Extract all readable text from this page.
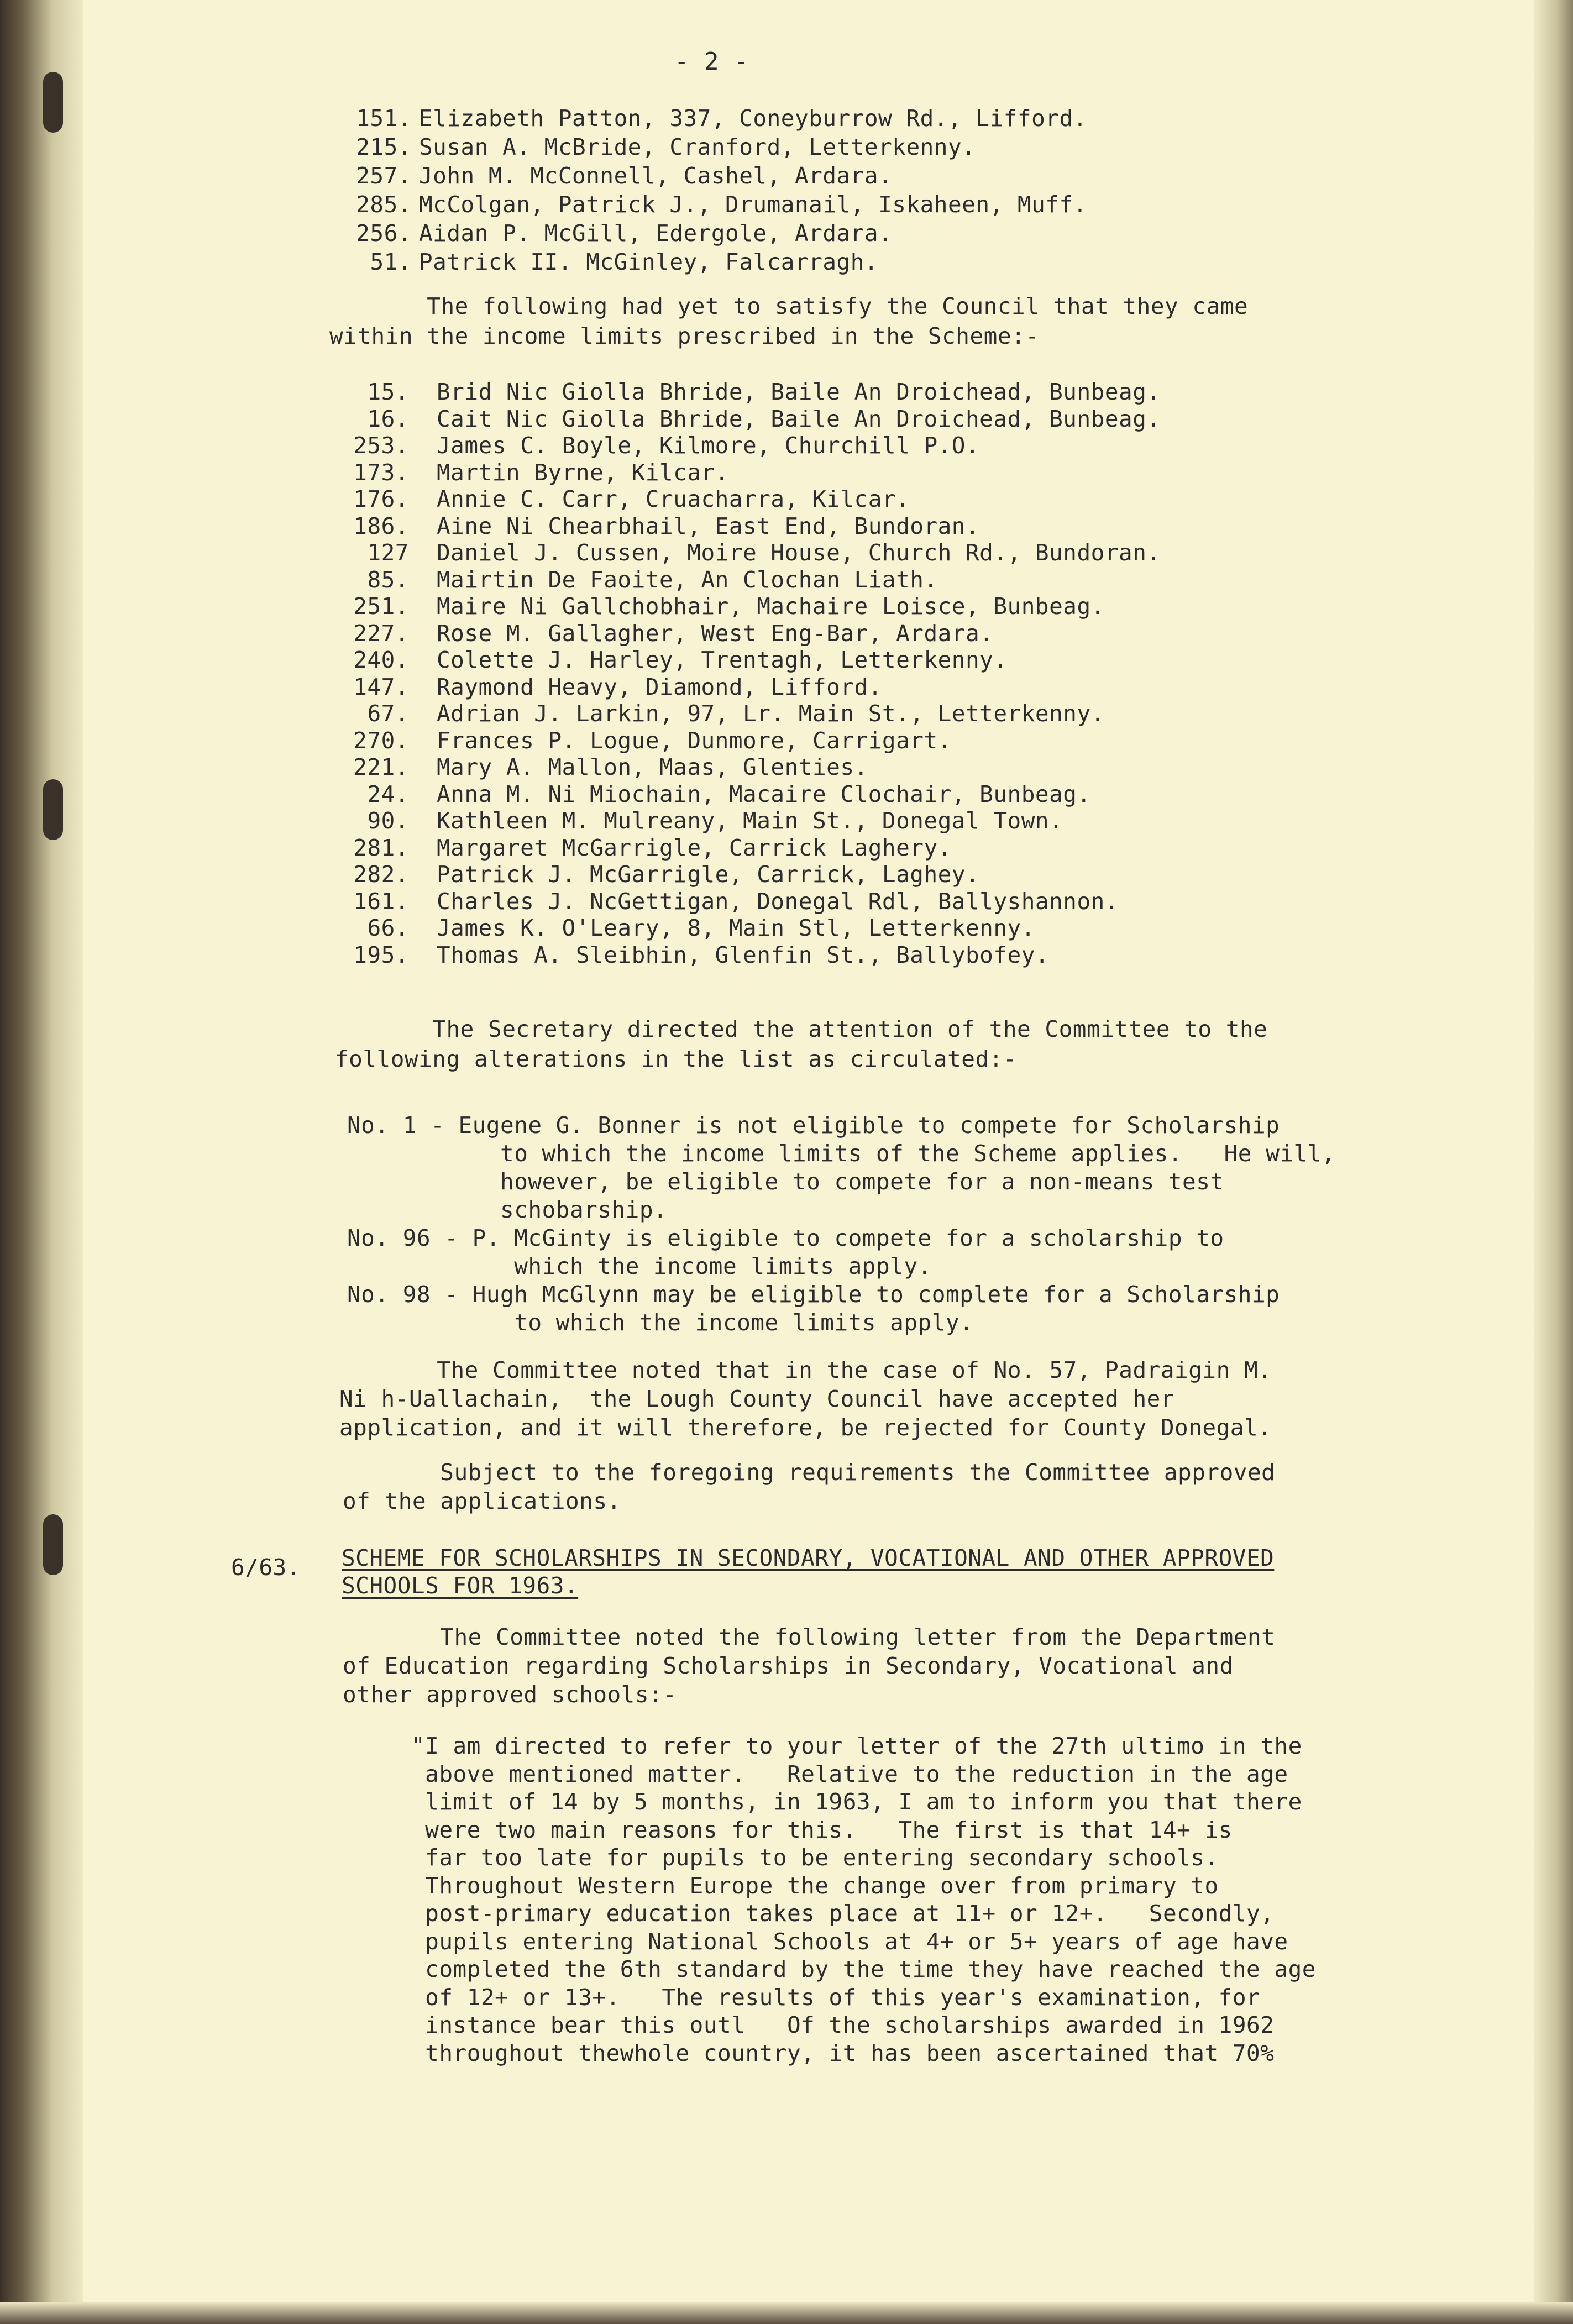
- 2 -
151. Elizabeth Patton, 337, Coneyburrow Rd., Lifford.
215. Susan A. McBride, Cranford, Letterkenny.
257. John M. McConnell, Cashel, Ardara.
285. McColgan, Patrick J., Drumanail, Iskaheen, Muff.
256. Aidan P. McGill, Edergole, Ardara.
51. Patrick II. McGinley, Falcarragh.
The following had yet to satisfy the Council that they came
within the income limits prescribed in the Scheme:-
15. Brid Nic Giolla Bhride, Baile An Droichead, Bunbeag.
16. Cait Nic Giolla Bhride, Baile An Droichead, Bunbeag.
253. James C. Boyle, Kilmore, Churchill P.O.
173. Martin Byrne, Kilcar.
176. Annie C. Carr, Cruacharra, Kilcar.
186. Aine Ni Chearbhail, East End, Bundoran.
127 Daniel J. Cussen, Moire House, Church Rd., Bundoran.
85. Mairtin De Faoite, An Clochan Liath.
251. Maire Ni Gallchobhair, Machaire Loisce, Bunbeag.
227. Rose M. Gallagher, West Eng-Bar, Ardara.
240. Colette J. Harley, Trentagh, Letterkenny.
147. Raymond Heavy, Diamond, Lifford.
67. Adrian J. Larkin, 97, Lr. Main St., Letterkenny.
270. Frances P. Logue, Dunmore, Carrigart.
221. Mary A. Mallon, Maas, Glenties.
24. Anna M. Ni Miochain, Macaire Clochair, Bunbeag.
90. Kathleen M. Mulreany, Main St., Donegal Town.
281. Margaret McGarrigle, Carrick Laghery.
282. Patrick J. McGarrigle, Carrick, Laghey.
161. Charles J. NcGettigan, Donegal Rdl, Ballyshannon.
66. James K. O'Leary, 8, Main Stl, Letterkenny.
195. Thomas A. Sleibhin, Glenfin St., Ballybofey.
The Secretary directed the attention of the Committee to the
following alterations in the list as circulated:-
No. 1 - Eugene G. Bonner is not eligible to compete for Scholarship
to which the income limits of the Scheme applies.   He will,
however, be eligible to compete for a non-means test
schobarship.
No. 96 - P. McGinty is eligible to compete for a scholarship to
which the income limits apply.
No. 98 - Hugh McGlynn may be eligible to complete for a Scholarship
to which the income limits apply.
The Committee noted that in the case of No. 57, Padraigin M.
Ni h-Uallachain,  the Lough County Council have accepted her
application, and it will therefore, be rejected for County Donegal.
Subject to the foregoing requirements the Committee approved
of the applications.
6/63. SCHEME FOR SCHOLARSHIPS IN SECONDARY, VOCATIONAL AND OTHER APPROVED
SCHOOLS FOR 1963.
The Committee noted the following letter from the Department
of Education regarding Scholarships in Secondary, Vocational and
other approved schools:-
"I am directed to refer to your letter of the 27th ultimo in the
above mentioned matter.   Relative to the reduction in the age
limit of 14 by 5 months, in 1963, I am to inform you that there
were two main reasons for this.   The first is that 14+ is
far too late for pupils to be entering secondary schools.
Throughout Western Europe the change over from primary to
post-primary education takes place at 11+ or 12+.   Secondly,
pupils entering National Schools at 4+ or 5+ years of age have
completed the 6th standard by the time they have reached the age
of 12+ or 13+.   The results of this year's examination, for
instance bear this outl   Of the scholarships awarded in 1962
throughout thewhole country, it has been ascertained that 70%
